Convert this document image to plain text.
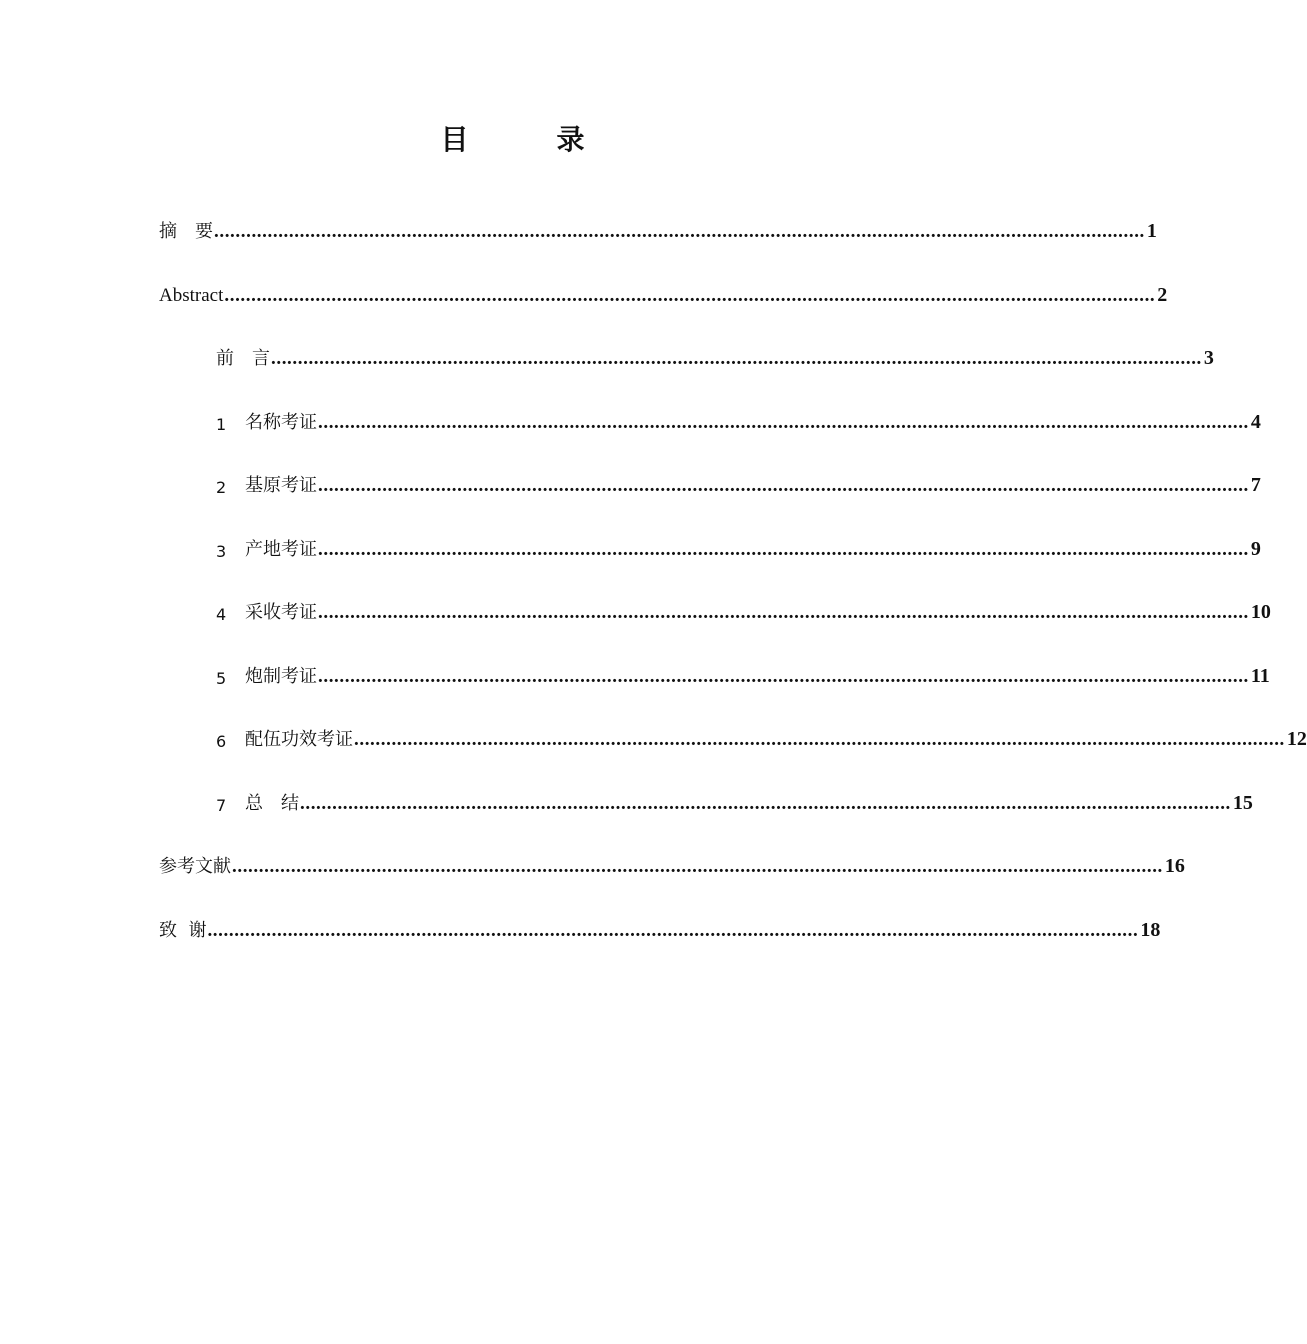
目　录
摘　要 .............................................................................................................................................................................. 1
Abstract .............................................................................................................................................................................. 2
前　言 .............................................................................................................................................................................. 3
1	名称考证 .............................................................................................................................................................................. 4
2	基原考证 .............................................................................................................................................................................. 7
3	产地考证 .............................................................................................................................................................................. 9
4	采收考证 .............................................................................................................................................................................. 10
5	炮制考证 .............................................................................................................................................................................. 11
6	配伍功效考证 .............................................................................................................................................................................. 12
7	总　结 .............................................................................................................................................................................. 15
参考文献 .............................................................................................................................................................................. 16
致  谢 .............................................................................................................................................................................. 18
